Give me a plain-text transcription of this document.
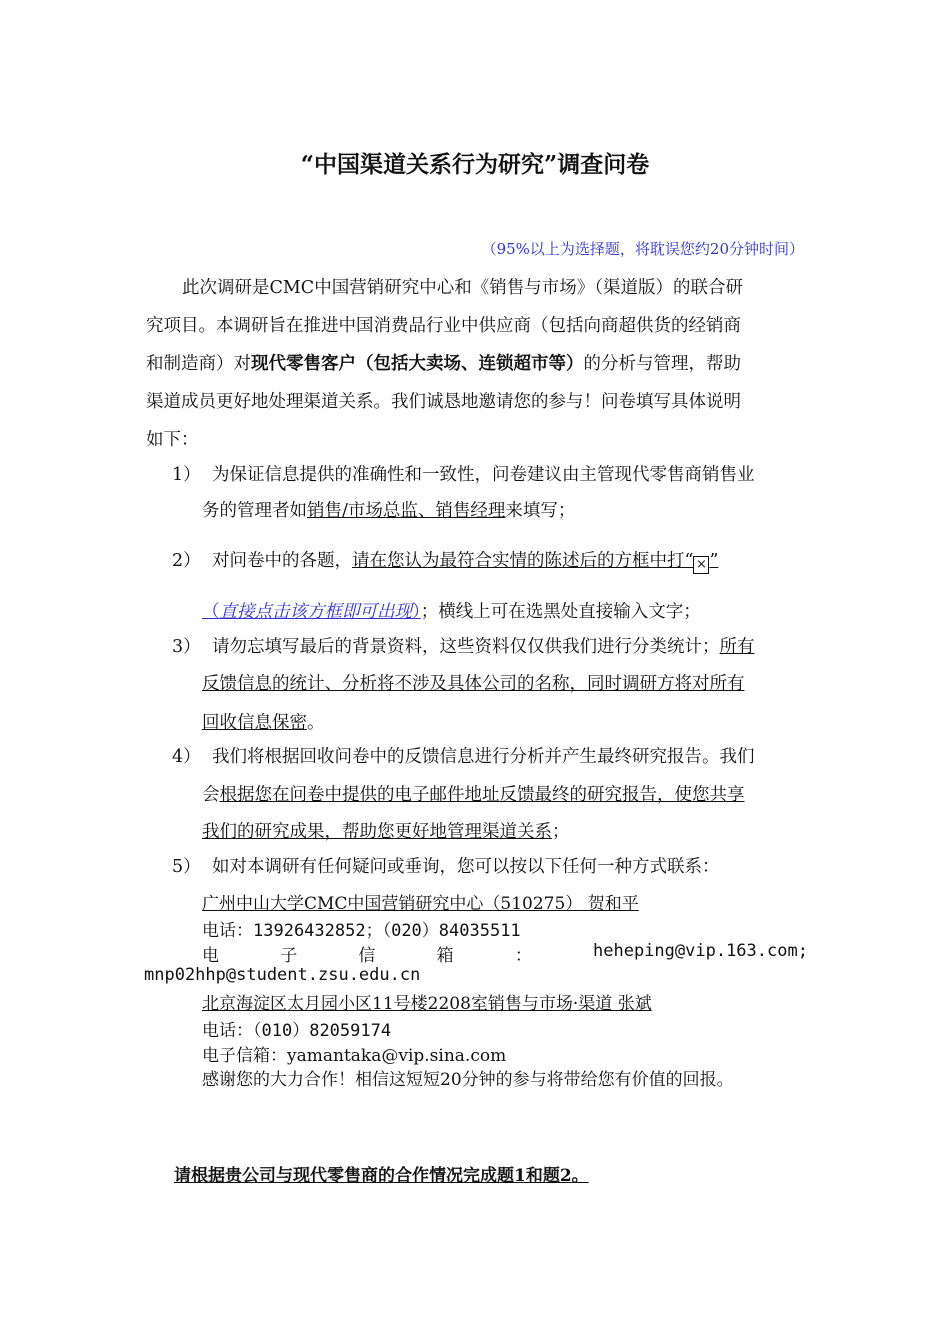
“中国渠道关系行为研究”调查问卷
（95%以上为选择题，将耽误您约20分钟时间）
此次调研是CMC中国营销研究中心和《销售与市场》（渠道版）的联合研
究项目。本调研旨在推进中国消费品行业中供应商（包括向商超供货的经销商
和制造商）对现代零售客户（包括大卖场、连锁超市等）的分析与管理，帮助
渠道成员更好地处理渠道关系。我们诚恳地邀请您的参与！问卷填写具体说明
如下：
1） 为保证信息提供的准确性和一致性，问卷建议由主管现代零售商销售业
务的管理者如销售/市场总监、销售经理来填写；
2） 对问卷中的各题，请在您认为最符合实情的陈述后的方框中打“ × ”
（直接点击该方框即可出现）；横线上可在选黑处直接输入文字；
3） 请勿忘填写最后的背景资料，这些资料仅仅供我们进行分类统计；所有
反馈信息的统计、分析将不涉及具体公司的名称，同时调研方将对所有
回收信息保密。
4） 我们将根据回收问卷中的反馈信息进行分析并产生最终研究报告。我们
会根据您在问卷中提供的电子邮件地址反馈最终的研究报告，使您共享
我们的研究成果，帮助您更好地管理渠道关系；
5） 如对本调研有任何疑问或垂询，您可以按以下任何一种方式联系：
广州中山大学CMC中国营销研究中心（510275） 贺和平
电话：13926432852；（020）84035511
电	子	信	箱	：	heheping@vip.163.com;
mnp02hhp@student.zsu.edu.cn
北京海淀区太月园小区11号楼2208室销售与市场·渠道 张斌
电话：（010）82059174
电子信箱：yamantaka@vip.sina.com
感谢您的大力合作！相信这短短20分钟的参与将带给您有价值的回报。
请根据贵公司与现代零售商的合作情况完成题1和题2。
